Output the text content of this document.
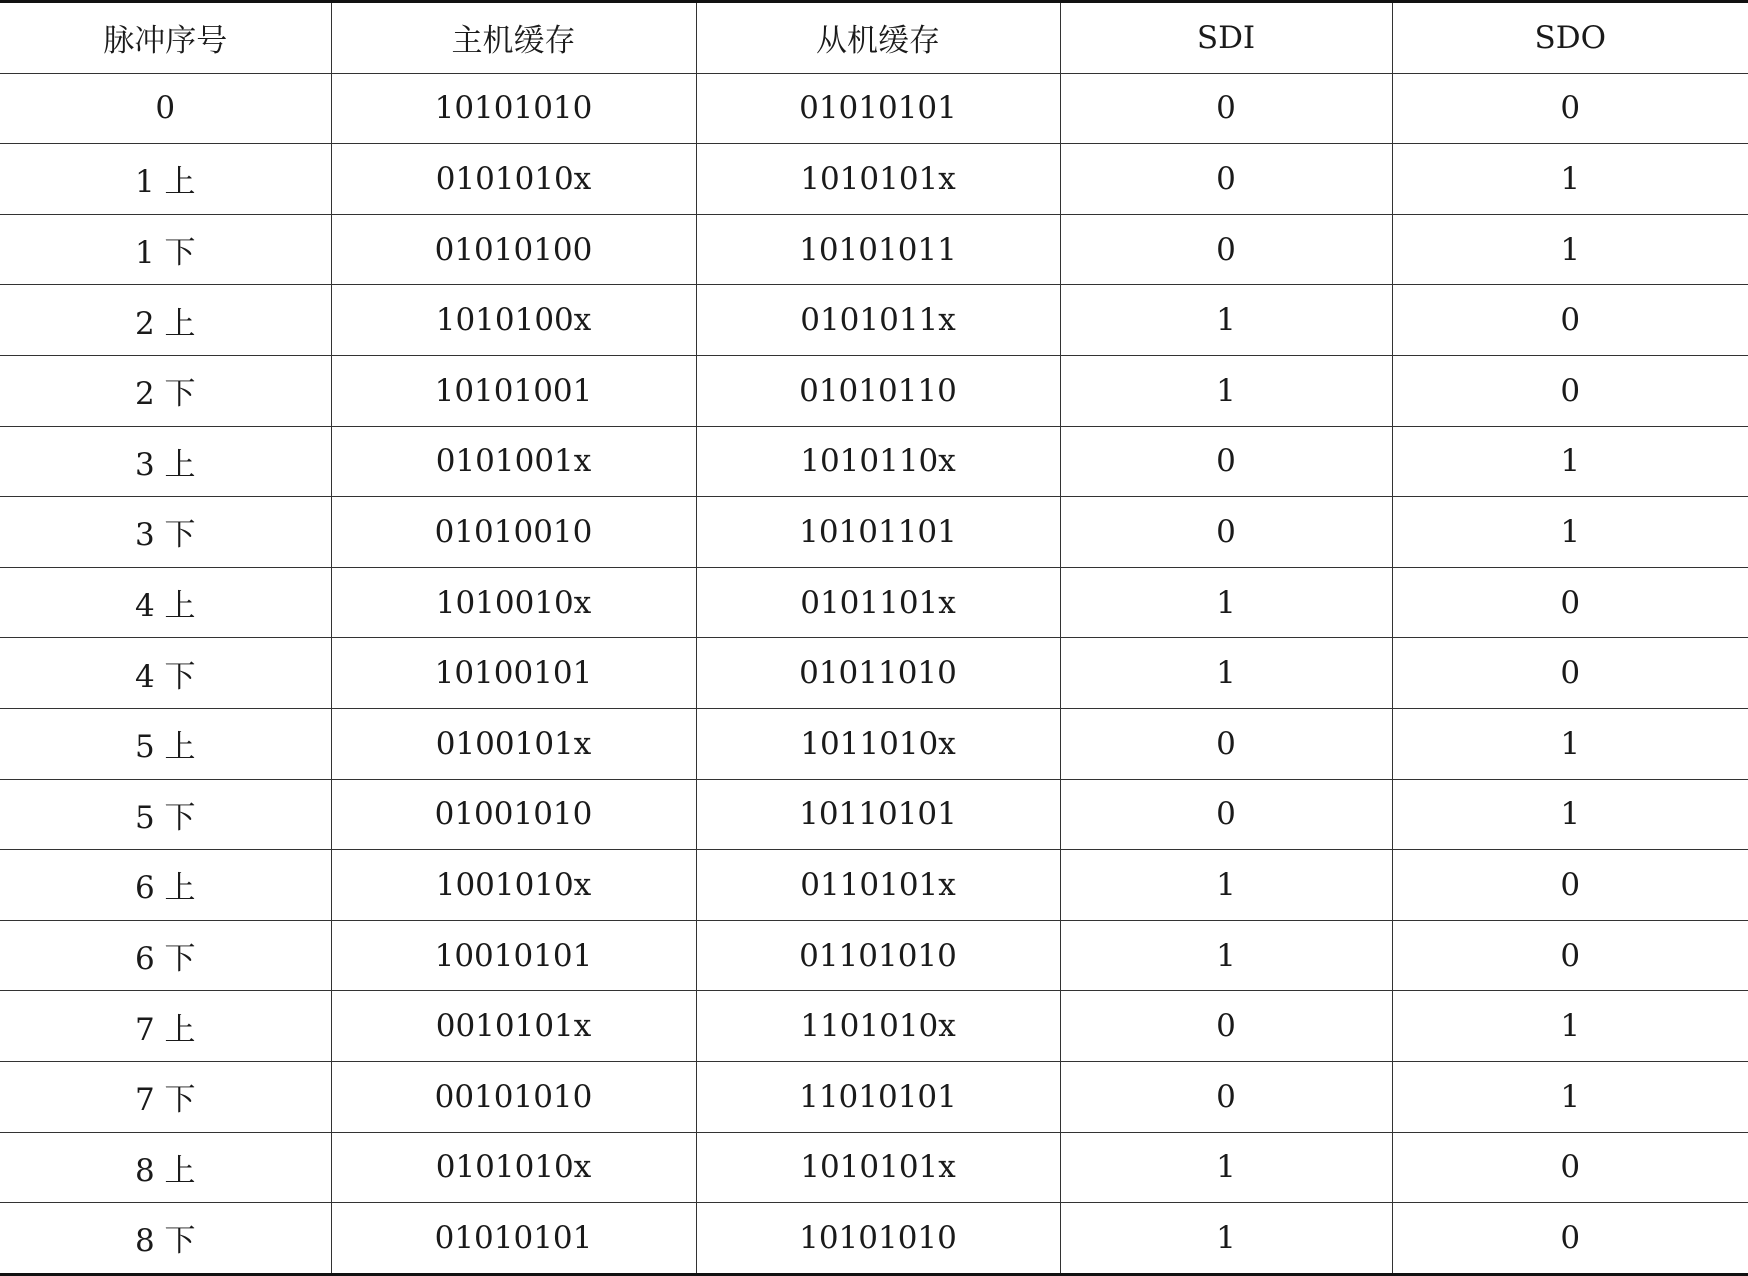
脉冲序号	主机缓存	从机缓存	SDI	SDO
0	10101010	01010101	0	0
1 上	0101010x	1010101x	0	1
1 下	01010100	10101011	0	1
2 上	1010100x	0101011x	1	0
2 下	10101001	01010110	1	0
3 上	0101001x	1010110x	0	1
3 下	01010010	10101101	0	1
4 上	1010010x	0101101x	1	0
4 下	10100101	01011010	1	0
5 上	0100101x	1011010x	0	1
5 下	01001010	10110101	0	1
6 上	1001010x	0110101x	1	0
6 下	10010101	01101010	1	0
7 上	0010101x	1101010x	0	1
7 下	00101010	11010101	0	1
8 上	0101010x	1010101x	1	0
8 下	01010101	10101010	1	0
